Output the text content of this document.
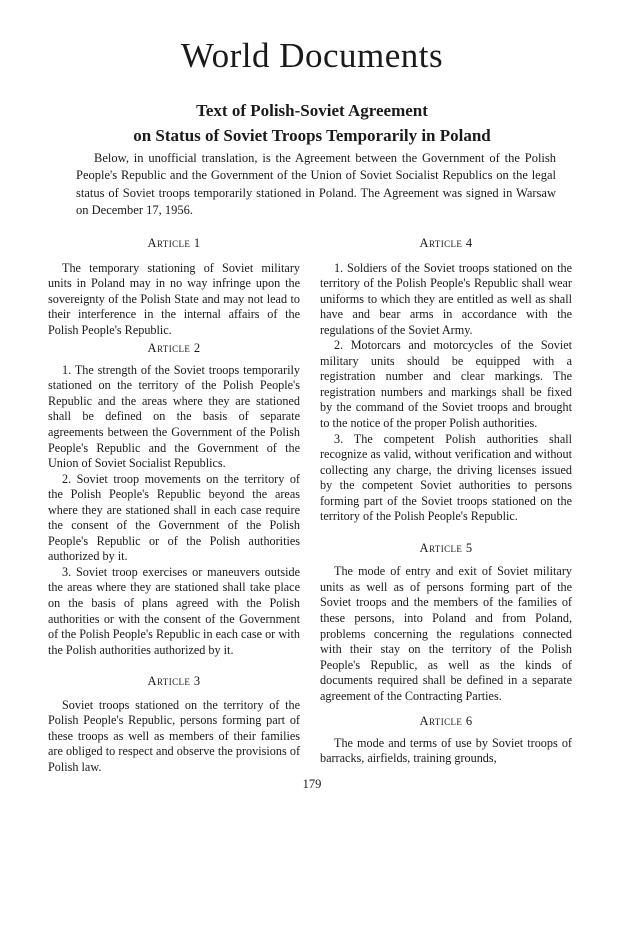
World Documents
Text of Polish-Soviet Agreement
on Status of Soviet Troops Temporarily in Poland

Below, in unofficial translation, is the Agreement between the Government of the Polish People's Republic and the Government of the Union of Soviet Socialist Republics on the legal status of Soviet troops temporarily stationed in Poland. The Agreement was signed in Warsaw on December 17, 1956.

Article 1

The temporary stationing of Soviet military units in Poland may in no way infringe upon the sovereignty of the Polish State and may not lead to their interference in the internal affairs of the Polish People's Republic.

Article 2

1. The strength of the Soviet troops temporarily stationed on the territory of the Polish People's Republic and the areas where they are stationed shall be defined on the basis of separate agreements between the Government of the Polish People's Republic and the Government of the Union of Soviet Socialist Republics.

2. Soviet troop movements on the territory of the Polish People's Republic beyond the areas where they are stationed shall in each case require the consent of the Government of the Polish People's Republic or of the Polish authorities authorized by it.

3. Soviet troop exercises or maneuvers outside the areas where they are stationed shall take place on the basis of plans agreed with the Polish authorities or with the consent of the Government of the Polish People's Republic in each case or with the Polish authorities authorized by it.

Article 3

Soviet troops stationed on the territory of the Polish People's Republic, persons forming part of these troops as well as members of their families are obliged to respect and observe the provisions of Polish law.

Article 4

1. Soldiers of the Soviet troops stationed on the territory of the Polish People's Republic shall wear uniforms to which they are entitled as well as shall have and bear arms in accordance with the regulations of the Soviet Army.

2. Motorcars and motorcycles of the Soviet military units should be equipped with a registration number and clear markings. The registration numbers and markings shall be fixed by the command of the Soviet troops and brought to the notice of the proper Polish authorities.

3. The competent Polish authorities shall recognize as valid, without verification and without collecting any charge, the driving licenses issued by the competent Soviet authorities to persons forming part of the Soviet troops stationed on the territory of the Polish People's Republic.

Article 5

The mode of entry and exit of Soviet military units as well as of persons forming part of the Soviet troops and the members of the families of these persons, into Poland and from Poland, problems concerning the regulations connected with their stay on the territory of the Polish People's Republic, as well as the kinds of documents required shall be defined in a separate agreement of the Contracting Parties.

Article 6

The mode and terms of use by Soviet troops of barracks, airfields, training grounds,

179
